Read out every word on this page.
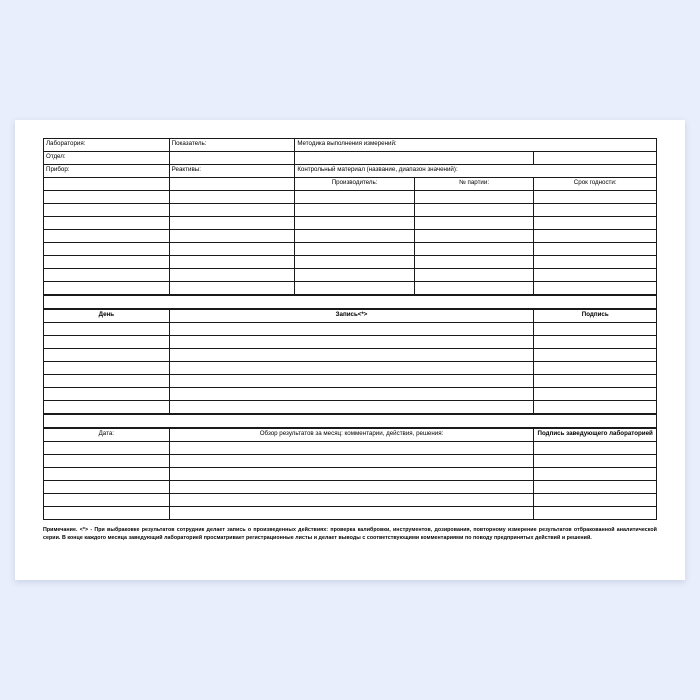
Лаборатория:	Показатель:	Методика выполнения измерений:		
Отдел:				
Прибор:	Реактивы:	Контрольный материал (название, диапазон значений):		
		Производитель:	№ партии:	Срок годности:

День	Запись<*>	Подпись

Дата:	Обзор результатов за месяц: комментарии, действия, решения:	Подпись заведующего лабораторией

Примечание. <*> - При выбраковке результатов сотрудник делает запись о произведенных действиях: проверка калибровки, инструментов, дозирования, повторному измерение результатов отбракованной аналитической серии. В конце каждого месяца заведующий лабораторией просматривает регистрационные листы и делает выводы с соответствующими комментариями по поводу предпринятых действий и решений.
